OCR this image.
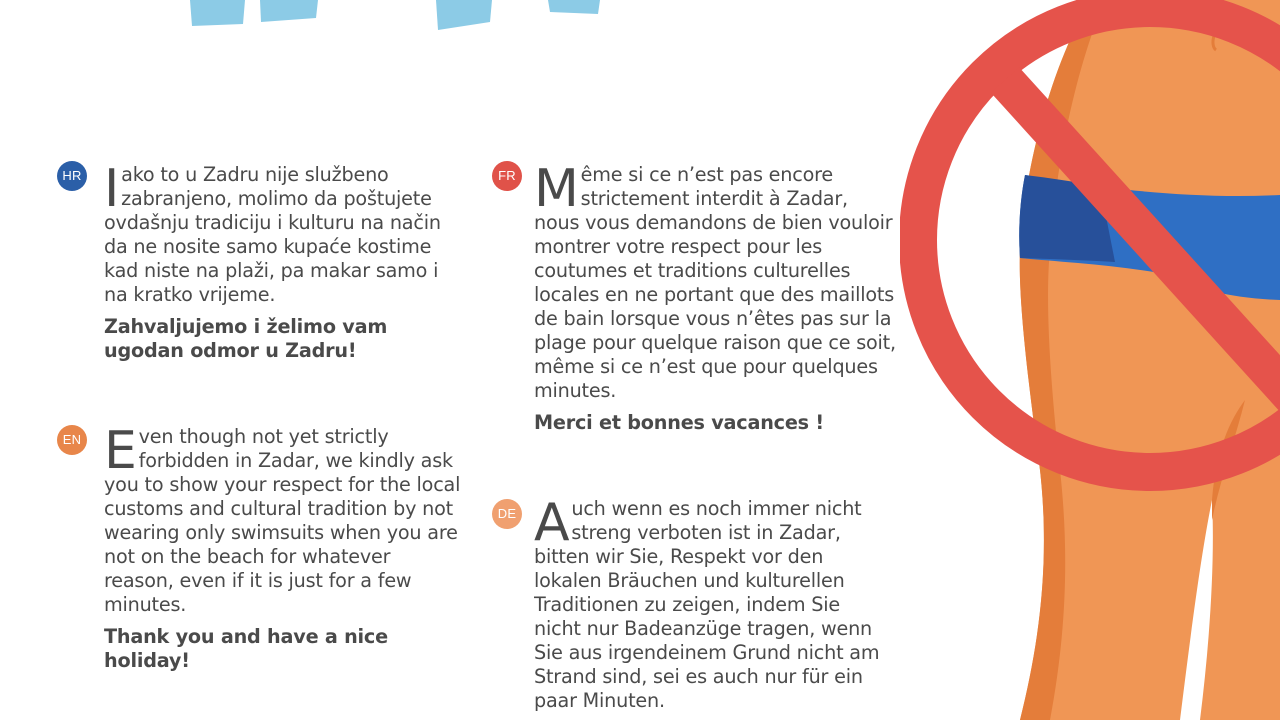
HR I ako to u Zadru nije službeno zabranjeno, molimo da poštujete ovdašnju tradiciju i kulturu na način da ne nosite samo kupaće kostime kad niste na plaži, pa makar samo i na kratko vrijeme.

Zahvaljujemo i želimo vam ugodan odmor u Zadru!

EN E ven though not yet strictly forbidden in Zadar, we kindly ask you to show your respect for the local customs and cultural tradition by not wearing only swimsuits when you are not on the beach for whatever reason, even if it is just for a few minutes.

Thank you and have a nice holiday!

FR M ême si ce n’est pas encore strictement interdit à Zadar, nous vous demandons de bien vouloir montrer votre respect pour les coutumes et traditions culturelles locales en ne portant que des maillots de bain lorsque vous n’êtes pas sur la plage pour quelque raison que ce soit, même si ce n’est que pour quelques minutes.

Merci et bonnes vacances !

DE A uch wenn es noch immer nicht streng verboten ist in Zadar, bitten wir Sie, Respekt vor den lokalen Bräuchen und kulturellen Traditionen zu zeigen, indem Sie nicht nur Badeanzüge tragen, wenn Sie aus irgendeinem Grund nicht am Strand sind, sei es auch nur für ein paar Minuten.
